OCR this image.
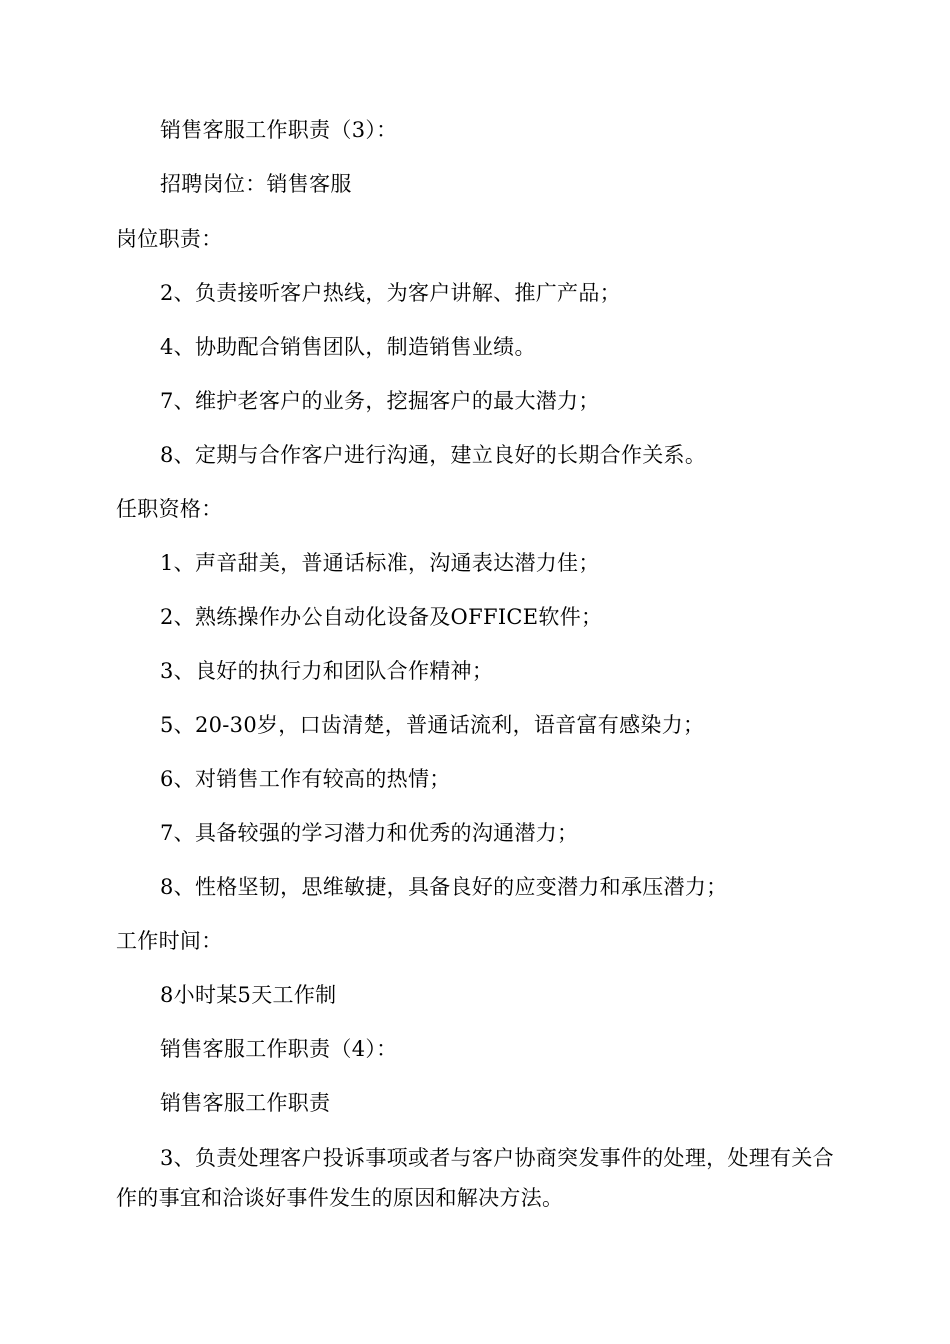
销售客服工作职责（3）：

招聘岗位：销售客服

岗位职责：

2、负责接听客户热线，为客户讲解、推广产品；

4、协助配合销售团队，制造销售业绩。

7、维护老客户的业务，挖掘客户的最大潜力；

8、定期与合作客户进行沟通，建立良好的长期合作关系。

任职资格：

1、声音甜美，普通话标准，沟通表达潜力佳；

2、熟练操作办公自动化设备及OFFICE软件；

3、良好的执行力和团队合作精神；

5、20-30岁，口齿清楚，普通话流利，语音富有感染力；

6、对销售工作有较高的热情；

7、具备较强的学习潜力和优秀的沟通潜力；

8、性格坚韧，思维敏捷，具备良好的应变潜力和承压潜力；

工作时间：

8小时某5天工作制

销售客服工作职责（4）：

销售客服工作职责

3、负责处理客户投诉事项或者与客户协商突发事件的处理，处理有关合作的事宜和洽谈好事件发生的原因和解决方法。
